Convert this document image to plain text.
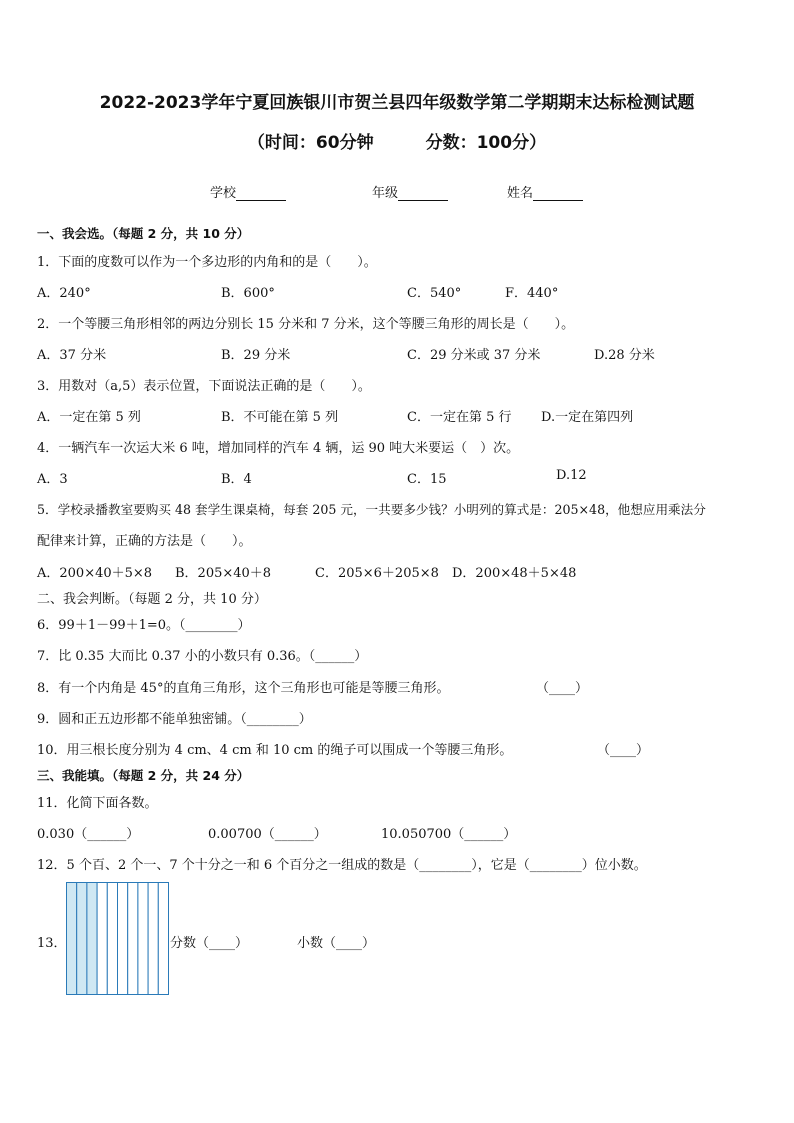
2022-2023学年宁夏回族银川市贺兰县四年级数学第二学期期末达标检测试题
（时间：60分钟	分数：100分）
学校	年级	姓名
一、我会选。（每题 2 分，共 10 分）
1．下面的度数可以作为一个多边形的内角和的是（　　）。
A．240°	B．600°	C．540°	F．440°
2．一个等腰三角形相邻的两边分别长 15 分米和 7 分米，这个等腰三角形的周长是（　　）。
A．37 分米	B．29 分米	C．29 分米或 37 分米	D.28 分米
3．用数对（a,5）表示位置，下面说法正确的是（　　）。
A．一定在第 5 列	B．不可能在第 5 列	C．一定在第 5 行 D.一定在第四列
4．一辆汽车一次运大米 6 吨，增加同样的汽车 4 辆，运 90 吨大米要运（　）次。
A．3	B．4	C．15	D.12
5．学校录播教室要购买 48 套学生课桌椅，每套 205 元，一共要多少钱？小明列的算式是：205×48，他想应用乘法分
配律来计算，正确的方法是（　　）。
A．200×40＋5×8 B．205×40＋8	C．205×6＋205×8 D．200×48＋5×48
二、我会判断。（每题 2 分，共 10 分）
6．99＋1－99＋1=0。（________）
7．比 0.35 大而比 0.37 小的小数只有 0.36。（______）
8．有一个内角是 45°的直角三角形，这个三角形也可能是等腰三角形。	（____）
9．圆和正五边形都不能单独密铺。（________）
10．用三根长度分别为 4 cm、4 cm 和 10 cm 的绳子可以围成一个等腰三角形。	（____）
三、我能填。（每题 2 分，共 24 分）
11．化简下面各数。
0.030（______）	0.00700（______）	10.050700（______）
12．5 个百、2 个一、7 个十分之一和 6 个百分之一组成的数是（________），它是（________）位小数。
13．	分数（____）	小数（____）
